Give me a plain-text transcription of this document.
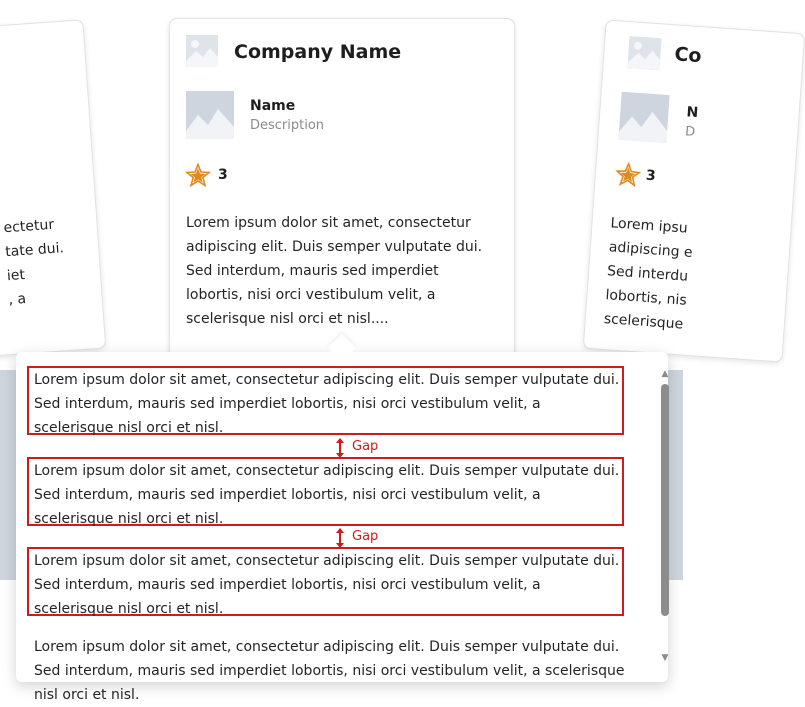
ectetur
tate dui.
iet
, a
Co
N
D
3
Lorem ipsu
adipiscing e
Sed interdu
lobortis, nis
scelerisque
Company Name
Name
Description
3
Lorem ipsum dolor sit amet, consectetur adipiscing elit. Duis semper vulputate dui. Sed interdum, mauris sed imperdiet lobortis, nisi orci vestibulum velit, a scelerisque nisl orci et nisl....
Lorem ipsum dolor sit amet, consectetur adipiscing elit. Duis semper vulputate dui. Sed interdum, mauris sed imperdiet lobortis, nisi orci vestibulum velit, a scelerisque nisl orci et nisl.
Gap
Lorem ipsum dolor sit amet, consectetur adipiscing elit. Duis semper vulputate dui. Sed interdum, mauris sed imperdiet lobortis, nisi orci vestibulum velit, a scelerisque nisl orci et nisl.
Gap
Lorem ipsum dolor sit amet, consectetur adipiscing elit. Duis semper vulputate dui. Sed interdum, mauris sed imperdiet lobortis, nisi orci vestibulum velit, a scelerisque nisl orci et nisl.
Lorem ipsum dolor sit amet, consectetur adipiscing elit. Duis semper vulputate dui. Sed interdum, mauris sed imperdiet lobortis, nisi orci vestibulum velit, a scelerisque nisl orci et nisl.
▲
▼
